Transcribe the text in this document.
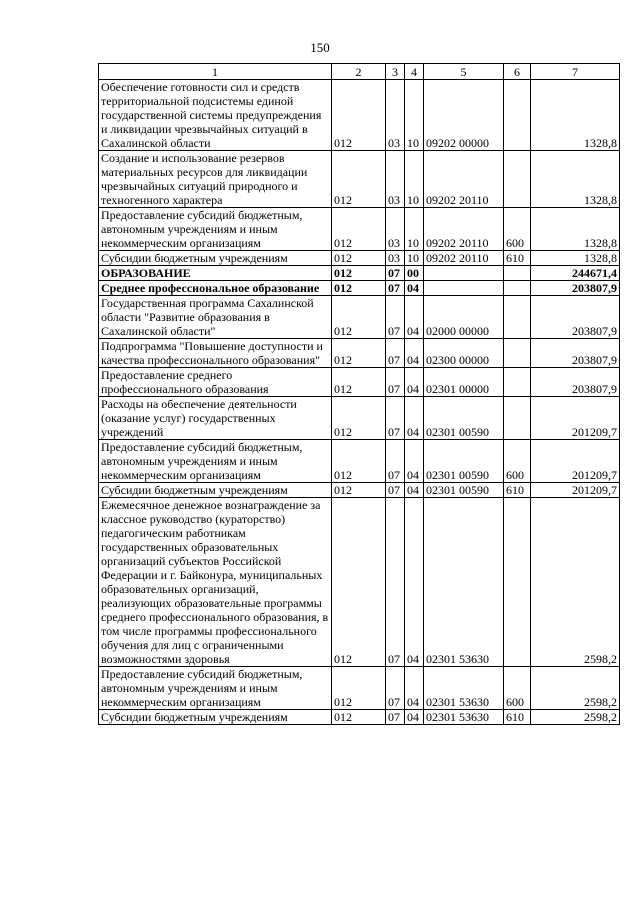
150
1	2	3	4	5	6	7
Обеспечение готовности сил и средств территориальной подсистемы единой государственной системы предупреждения и ликвидации чрезвычайных ситуаций в Сахалинской области	012	03	10	09202 00000		1328,8
Создание и использование резервов материальных ресурсов для ликвидации чрезвычайных ситуаций природного и техногенного характера	012	03	10	09202 20110		1328,8
Предоставление субсидий бюджетным, автономным учреждениям и иным некоммерческим организациям	012	03	10	09202 20110	600	1328,8
Субсидии бюджетным учреждениям	012	03	10	09202 20110	610	1328,8
ОБРАЗОВАНИЕ	012	07	00			244671,4
Среднее профессиональное образование	012	07	04			203807,9
Государственная программа Сахалинской области "Развитие образования в Сахалинской области"	012	07	04	02000 00000		203807,9
Подпрограмма "Повышение доступности и качества профессионального образования"	012	07	04	02300 00000		203807,9
Предоставление среднего профессионального образования	012	07	04	02301 00000		203807,9
Расходы на обеспечение деятельности (оказание услуг) государственных учреждений	012	07	04	02301 00590		201209,7
Предоставление субсидий бюджетным, автономным учреждениям и иным некоммерческим организациям	012	07	04	02301 00590	600	201209,7
Субсидии бюджетным учреждениям	012	07	04	02301 00590	610	201209,7
Ежемесячное денежное вознаграждение за классное руководство (кураторство) педагогическим работникам государственных образовательных организаций субъектов Российской Федерации и г. Байконура, муниципальных образовательных организаций, реализующих образовательные программы среднего профессионального образования, в том числе программы профессионального обучения для лиц с ограниченными возможностями здоровья	012	07	04	02301 53630		2598,2
Предоставление субсидий бюджетным, автономным учреждениям и иным некоммерческим организациям	012	07	04	02301 53630	600	2598,2
Субсидии бюджетным учреждениям	012	07	04	02301 53630	610	2598,2
